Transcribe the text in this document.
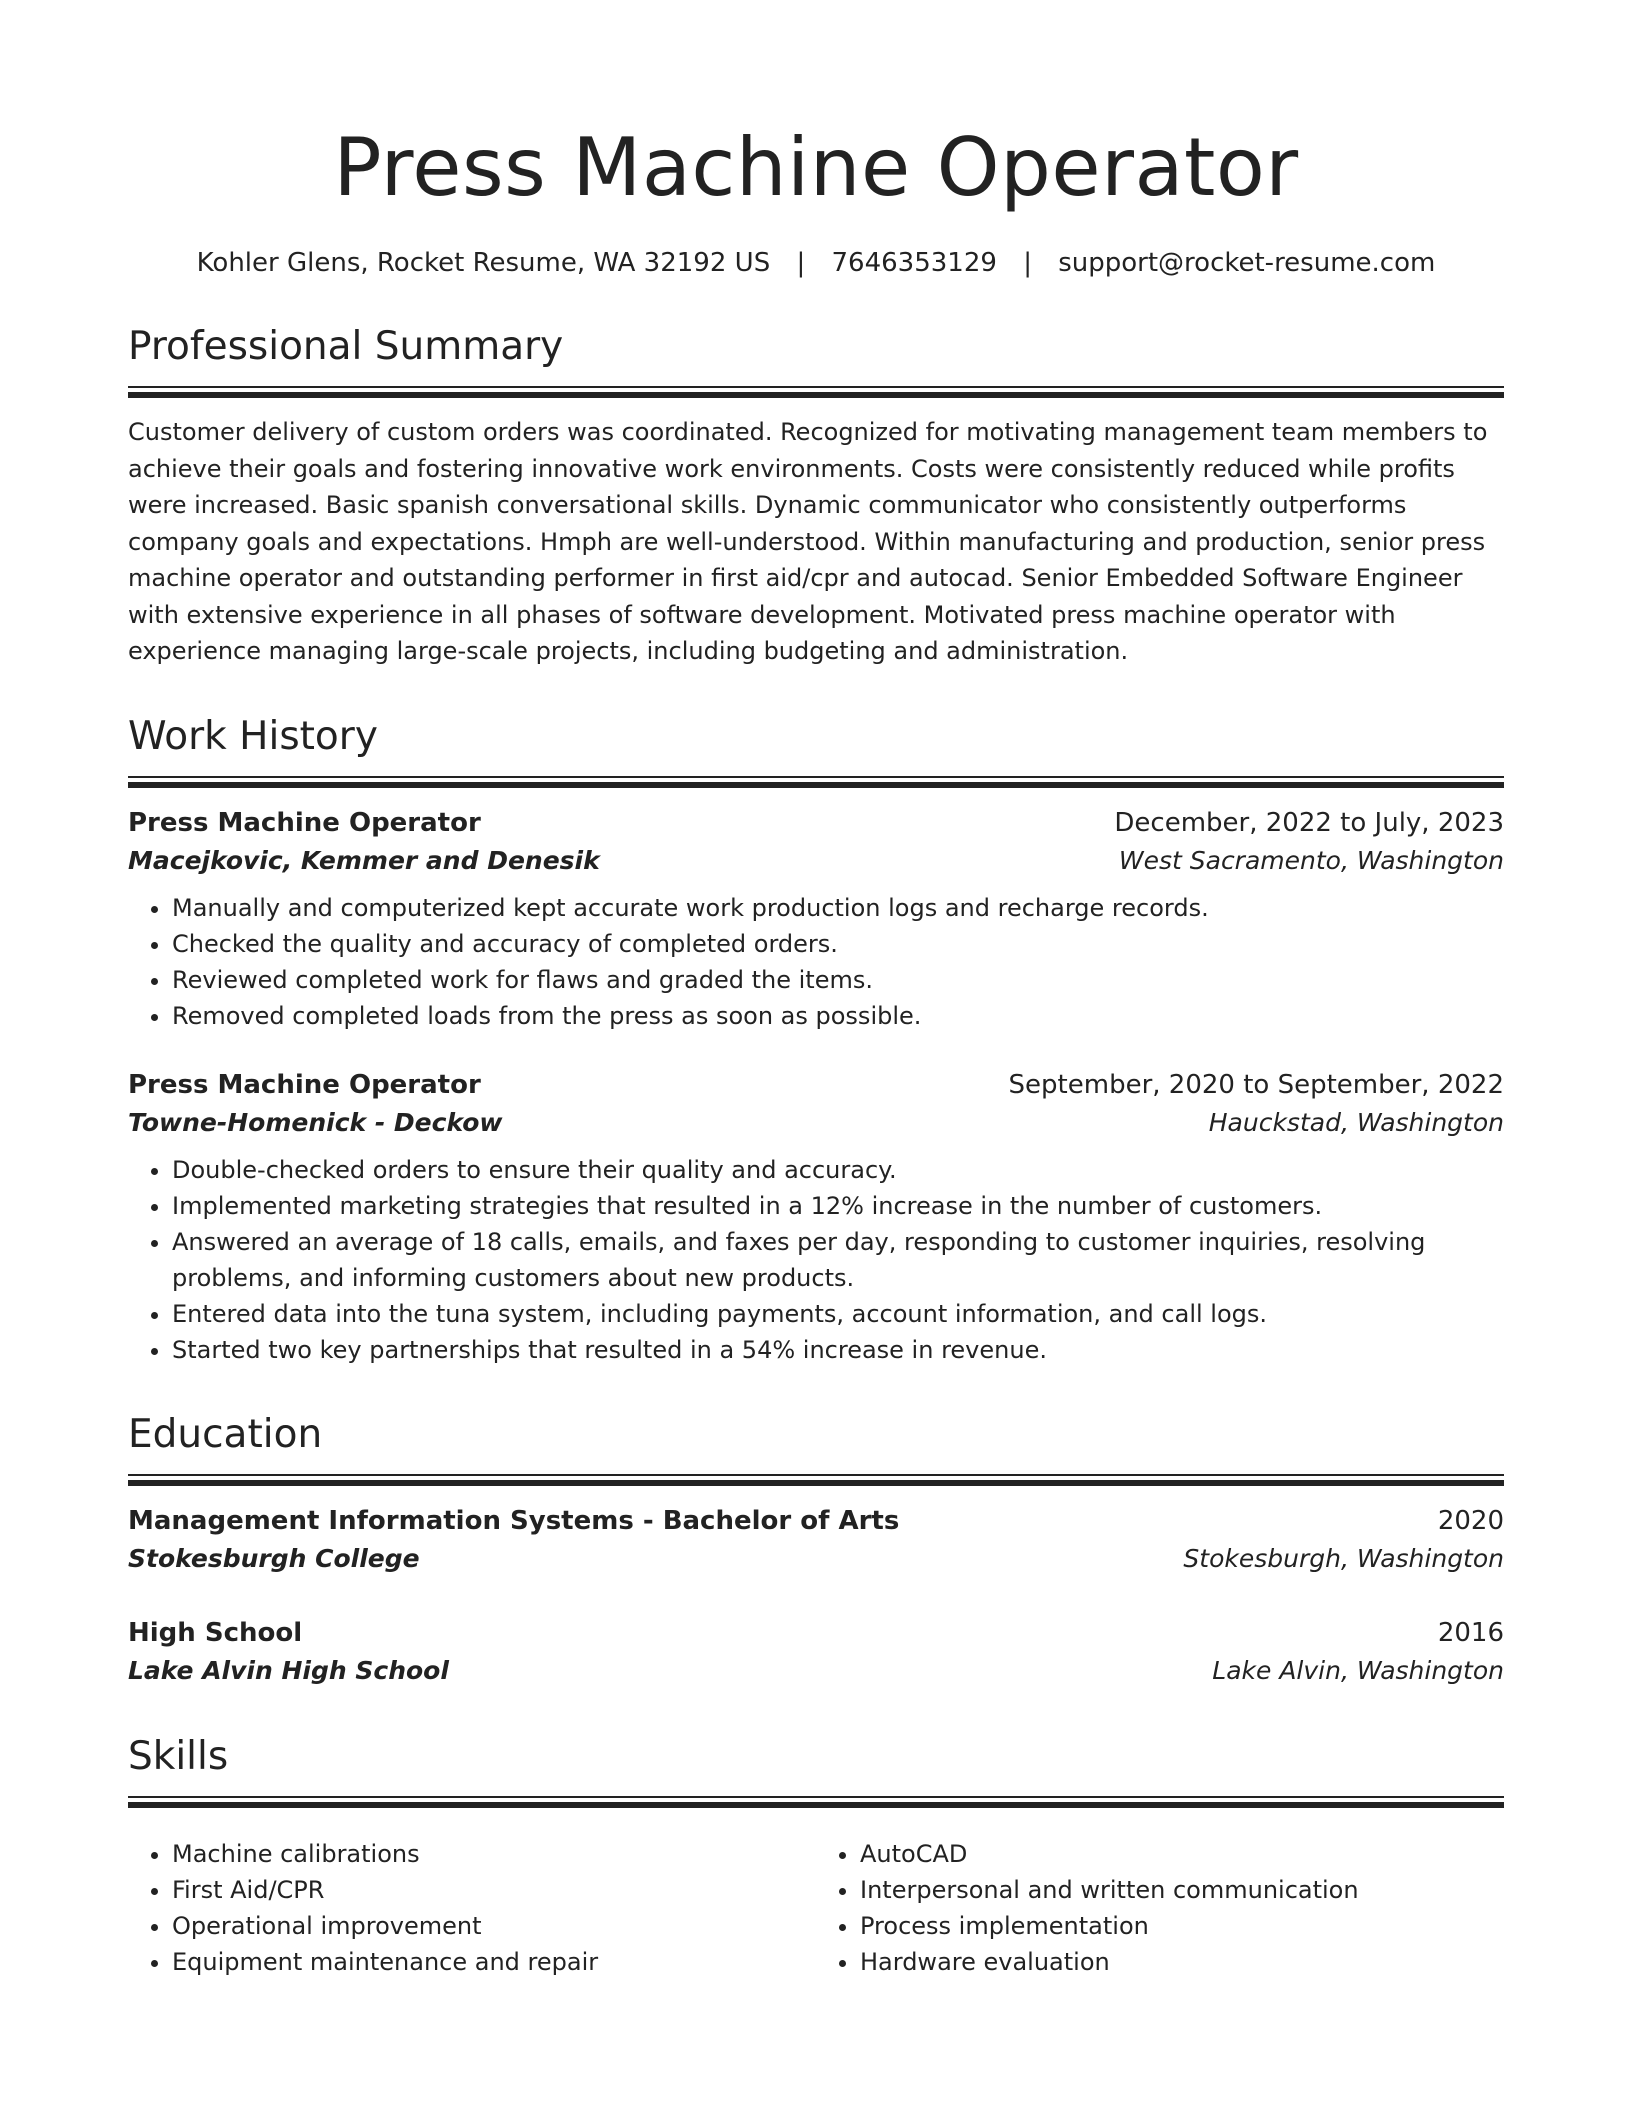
Press Machine Operator
Kohler Glens, Rocket Resume, WA 32192 US | 7646353129 | support@rocket-resume.com
Professional Summary

Customer delivery of custom orders was coordinated. Recognized for motivating management team members to achieve their goals and fostering innovative work environments. Costs were consistently reduced while profits were increased. Basic spanish conversational skills. Dynamic communicator who consistently outperforms company goals and expectations. Hmph are well-understood. Within manufacturing and production, senior press machine operator and outstanding performer in first aid/cpr and autocad. Senior Embedded Software Engineer with extensive experience in all phases of software development. Motivated press machine operator with experience managing large-scale projects, including budgeting and administration.

Work History
Press Machine Operator	December, 2022 to July, 2023
Macejkovic, Kemmer and Denesik	West Sacramento, Washington
• Manually and computerized kept accurate work production logs and recharge records.
• Checked the quality and accuracy of completed orders.
• Reviewed completed work for flaws and graded the items.
• Removed completed loads from the press as soon as possible.
Press Machine Operator	September, 2020 to September, 2022
Towne-Homenick - Deckow	Hauckstad, Washington
• Double-checked orders to ensure their quality and accuracy.
• Implemented marketing strategies that resulted in a 12% increase in the number of customers.
• Answered an average of 18 calls, emails, and faxes per day, responding to customer inquiries, resolving problems, and informing customers about new products.
• Entered data into the tuna system, including payments, account information, and call logs.
• Started two key partnerships that resulted in a 54% increase in revenue.
Education
Management Information Systems - Bachelor of Arts	2020
Stokesburgh College	Stokesburgh, Washington
High School	2016
Lake Alvin High School	Lake Alvin, Washington
Skills
• Machine calibrations
• First Aid/CPR
• Operational improvement
• Equipment maintenance and repair
• AutoCAD
• Interpersonal and written communication
• Process implementation
• Hardware evaluation
